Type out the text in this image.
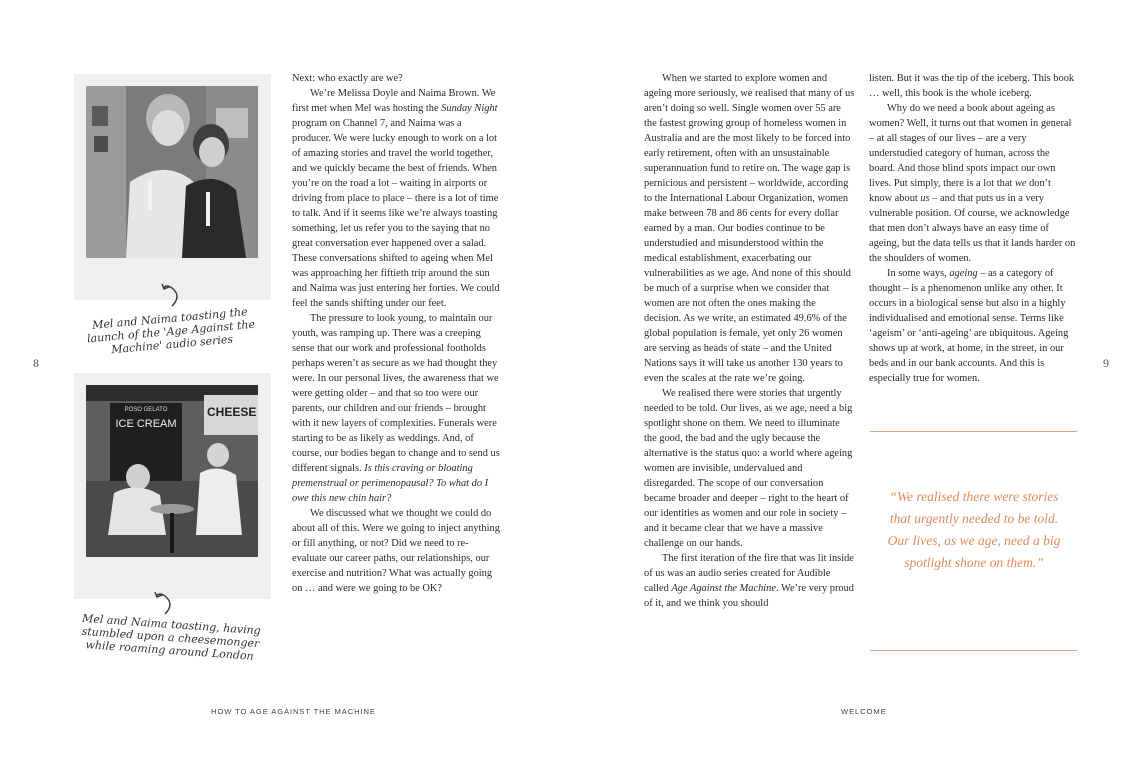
8
Mel and Naima toasting the launch of the 'Age Against the Machine' audio series
POSO GELATO
ICE CREAM
CHEESE
Mel and Naima toasting, having stumbled upon a cheesemonger while roaming around London

Next: who exactly are we?

We’re Melissa Doyle and Naima Brown. We first met when Mel was hosting the Sunday Night program on Channel 7, and Naima was a producer. We were lucky enough to work on a lot of amazing stories and travel the world together, and we quickly became the best of friends. When you’re on the road a lot – waiting in airports or driving from place to place – there is a lot of time to talk. And if it seems like we’re always toasting something, let us refer you to the saying that no great conversation ever happened over a salad. These conversations shifted to ageing when Mel was approaching her fiftieth trip around the sun and Naima was just entering her forties. We could feel the sands shifting under our feet.

The pressure to look young, to maintain our youth, was ramping up. There was a creeping sense that our work and professional footholds perhaps weren’t as secure as we had thought they were. In our personal lives, the awareness that we were getting older – and that so too were our parents, our children and our friends – brought with it new layers of complexities. Funerals were starting to be as likely as weddings. And, of course, our bodies began to change and to send us different signals. Is this craving or bloating premenstrual or perimenopausal? To what do I owe this new chin hair?

We discussed what we thought we could do about all of this. Were we going to inject anything or fill anything, or not? Did we need to re-evaluate our career paths, our relationships, our exercise and nutrition? What was actually going on … and were we going to be OK?

HOW TO AGE AGAINST THE MACHINE

When we started to explore women and ageing more seriously, we realised that many of us aren’t doing so well. Single women over 55 are the fastest growing group of homeless women in Australia and are the most likely to be forced into early retirement, often with an unsustainable superannuation fund to retire on. The wage gap is pernicious and persistent – worldwide, according to the International Labour Organization, women make between 78 and 86 cents for every dollar earned by a man. Our bodies continue to be understudied and misunderstood within the medical establishment, exacerbating our vulnerabilities as we age. And none of this should be much of a surprise when we consider that women are not often the ones making the decision. As we write, an estimated 49.6% of the global population is female, yet only 26 women are serving as heads of state – and the United Nations says it will take us another 130 years to even the scales at the rate we’re going.

We realised there were stories that urgently needed to be told. Our lives, as we age, need a big spotlight shone on them. We need to illuminate the good, the bad and the ugly because the alternative is the status quo: a world where ageing women are invisible, undervalued and disregarded. The scope of our conversation became broader and deeper – right to the heart of our identities as women and our role in society – and it became clear that we have a massive challenge on our hands.

The first iteration of the fire that was lit inside of us was an audio series created for Audible called Age Against the Machine. We’re very proud of it, and we think you should

listen. But it was the tip of the iceberg. This book … well, this book is the whole iceberg.

Why do we need a book about ageing as women? Well, it turns out that women in general – at all stages of our lives – are a very understudied category of human, across the board. And those blind spots impact our own lives. Put simply, there is a lot that we don’t know about us – and that puts us in a very vulnerable position. Of course, we acknowledge that men don’t always have an easy time of ageing, but the data tells us that it lands harder on the shoulders of women.

In some ways, ageing – as a category of thought – is a phenomenon unlike any other. It occurs in a biological sense but also in a highly individualised and emotional sense. Terms like ‘ageism’ or ‘anti-ageing’ are ubiquitous. Ageing shows up at work, at home, in the street, in our beds and in our bank accounts. And this is especially true for women.

“We realised there were stories that urgently needed to be told. Our lives, as we age, need a big spotlight shone on them.”
9
WELCOME
